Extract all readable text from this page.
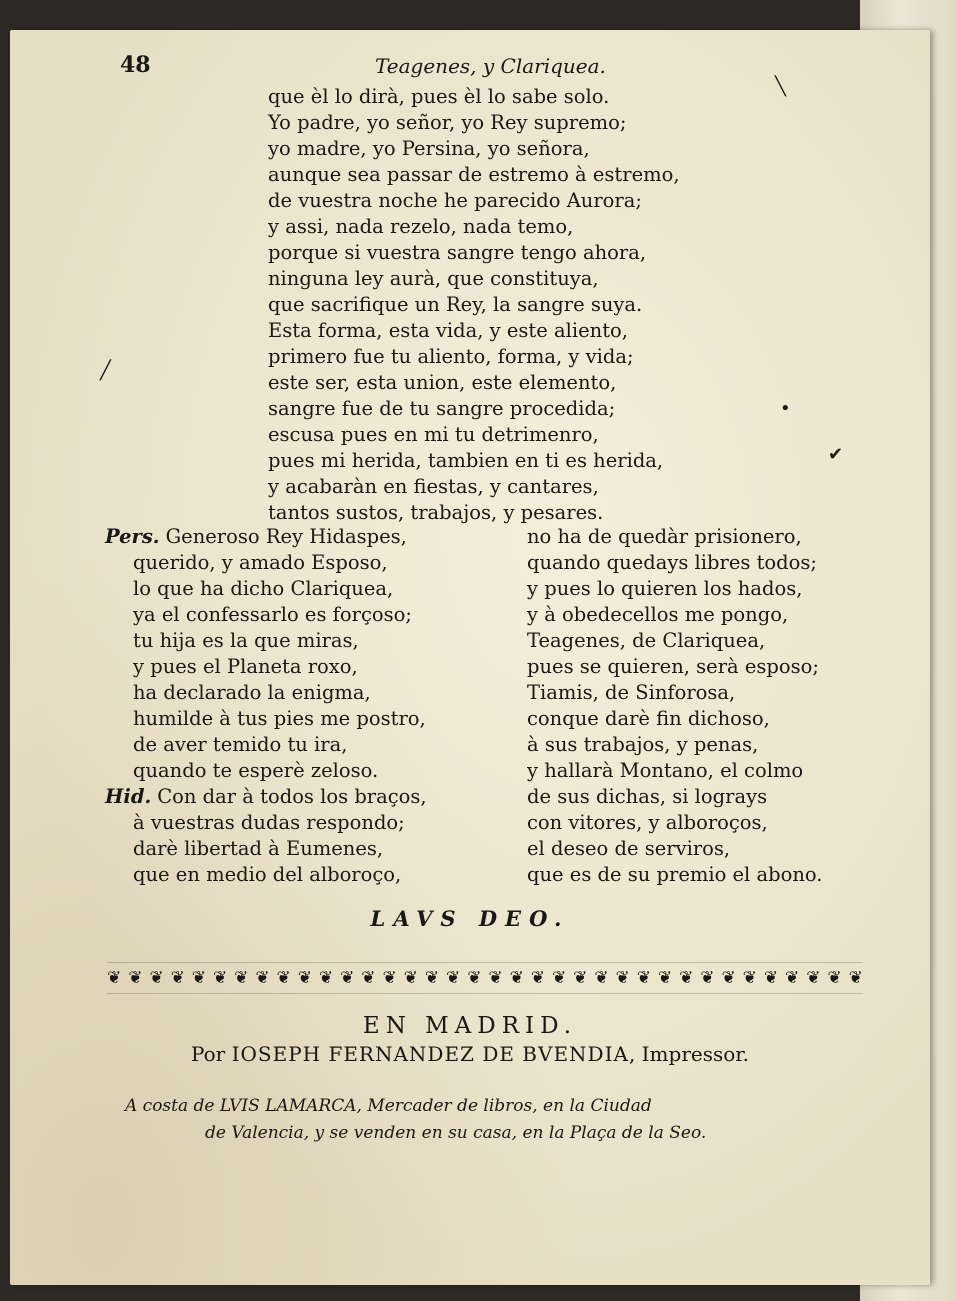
48	Teagenes, y Clariquea.
que èl lo dirà, pues èl lo sabe solo.
Yo padre, yo señor, yo Rey supremo;
yo madre, yo Persina, yo señora,
aunque sea passar de estremo à estremo,
de vuestra noche he parecido Aurora;
y assi, nada rezelo, nada temo,
porque si vuestra sangre tengo ahora,
ninguna ley aurà, que constituya,
que sacrifique un Rey, la sangre suya.
Esta forma, esta vida, y este aliento,
primero fue tu aliento, forma, y vida;
este ser, esta union, este elemento,
sangre fue de tu sangre procedida;
escusa pues en mi tu detrimenro,
pues mi herida, tambien en ti es herida,
y acabaràn en fiestas, y cantares,
tantos sustos, trabajos, y pesares.
Pers. Generoso Rey Hidaspes,
querido, y amado Esposo,
lo que ha dicho Clariquea,
ya el confessarlo es forçoso;
tu hija es la que miras,
y pues el Planeta roxo,
ha declarado la enigma,
humilde à tus pies me postro,
de aver temido tu ira,
quando te esperè zeloso.
Hid. Con dar à todos los braços,
à vuestras dudas respondo;
darè libertad à Eumenes,
que en medio del alboroço,
no ha de quedàr prisionero,
quando quedays libres todos;
y pues lo quieren los hados,
y à obedecellos me pongo,
Teagenes, de Clariquea,
pues se quieren, serà esposo;
Tiamis, de Sinforosa,
conque darè fin dichoso,
à sus trabajos, y penas,
y hallarà Montano, el colmo
de sus dichas, si lograys
con vitores, y alboroços,
el deseo de serviros,
que es de su premio el abono.
LAVS DEO.
❦ ❦ ❦ ❦ ❦ ❦ ❦ ❦ ❦ ❦ ❦ ❦ ❦ ❦ ❦ ❦ ❦ ❦ ❦ ❦ ❦ ❦ ❦ ❦ ❦ ❦ ❦ ❦ ❦ ❦ ❦ ❦ ❦ ❦ ❦ ❦
EN MADRID.
Por IOSEPH FERNANDEZ DE BVENDIA, Impressor.
A costa de LVIS LAMARCA, Mercader de libros, en la Ciudad
de Valencia, y se venden en su casa, en la Plaça de la Seo.
╲
•
✔
╱
